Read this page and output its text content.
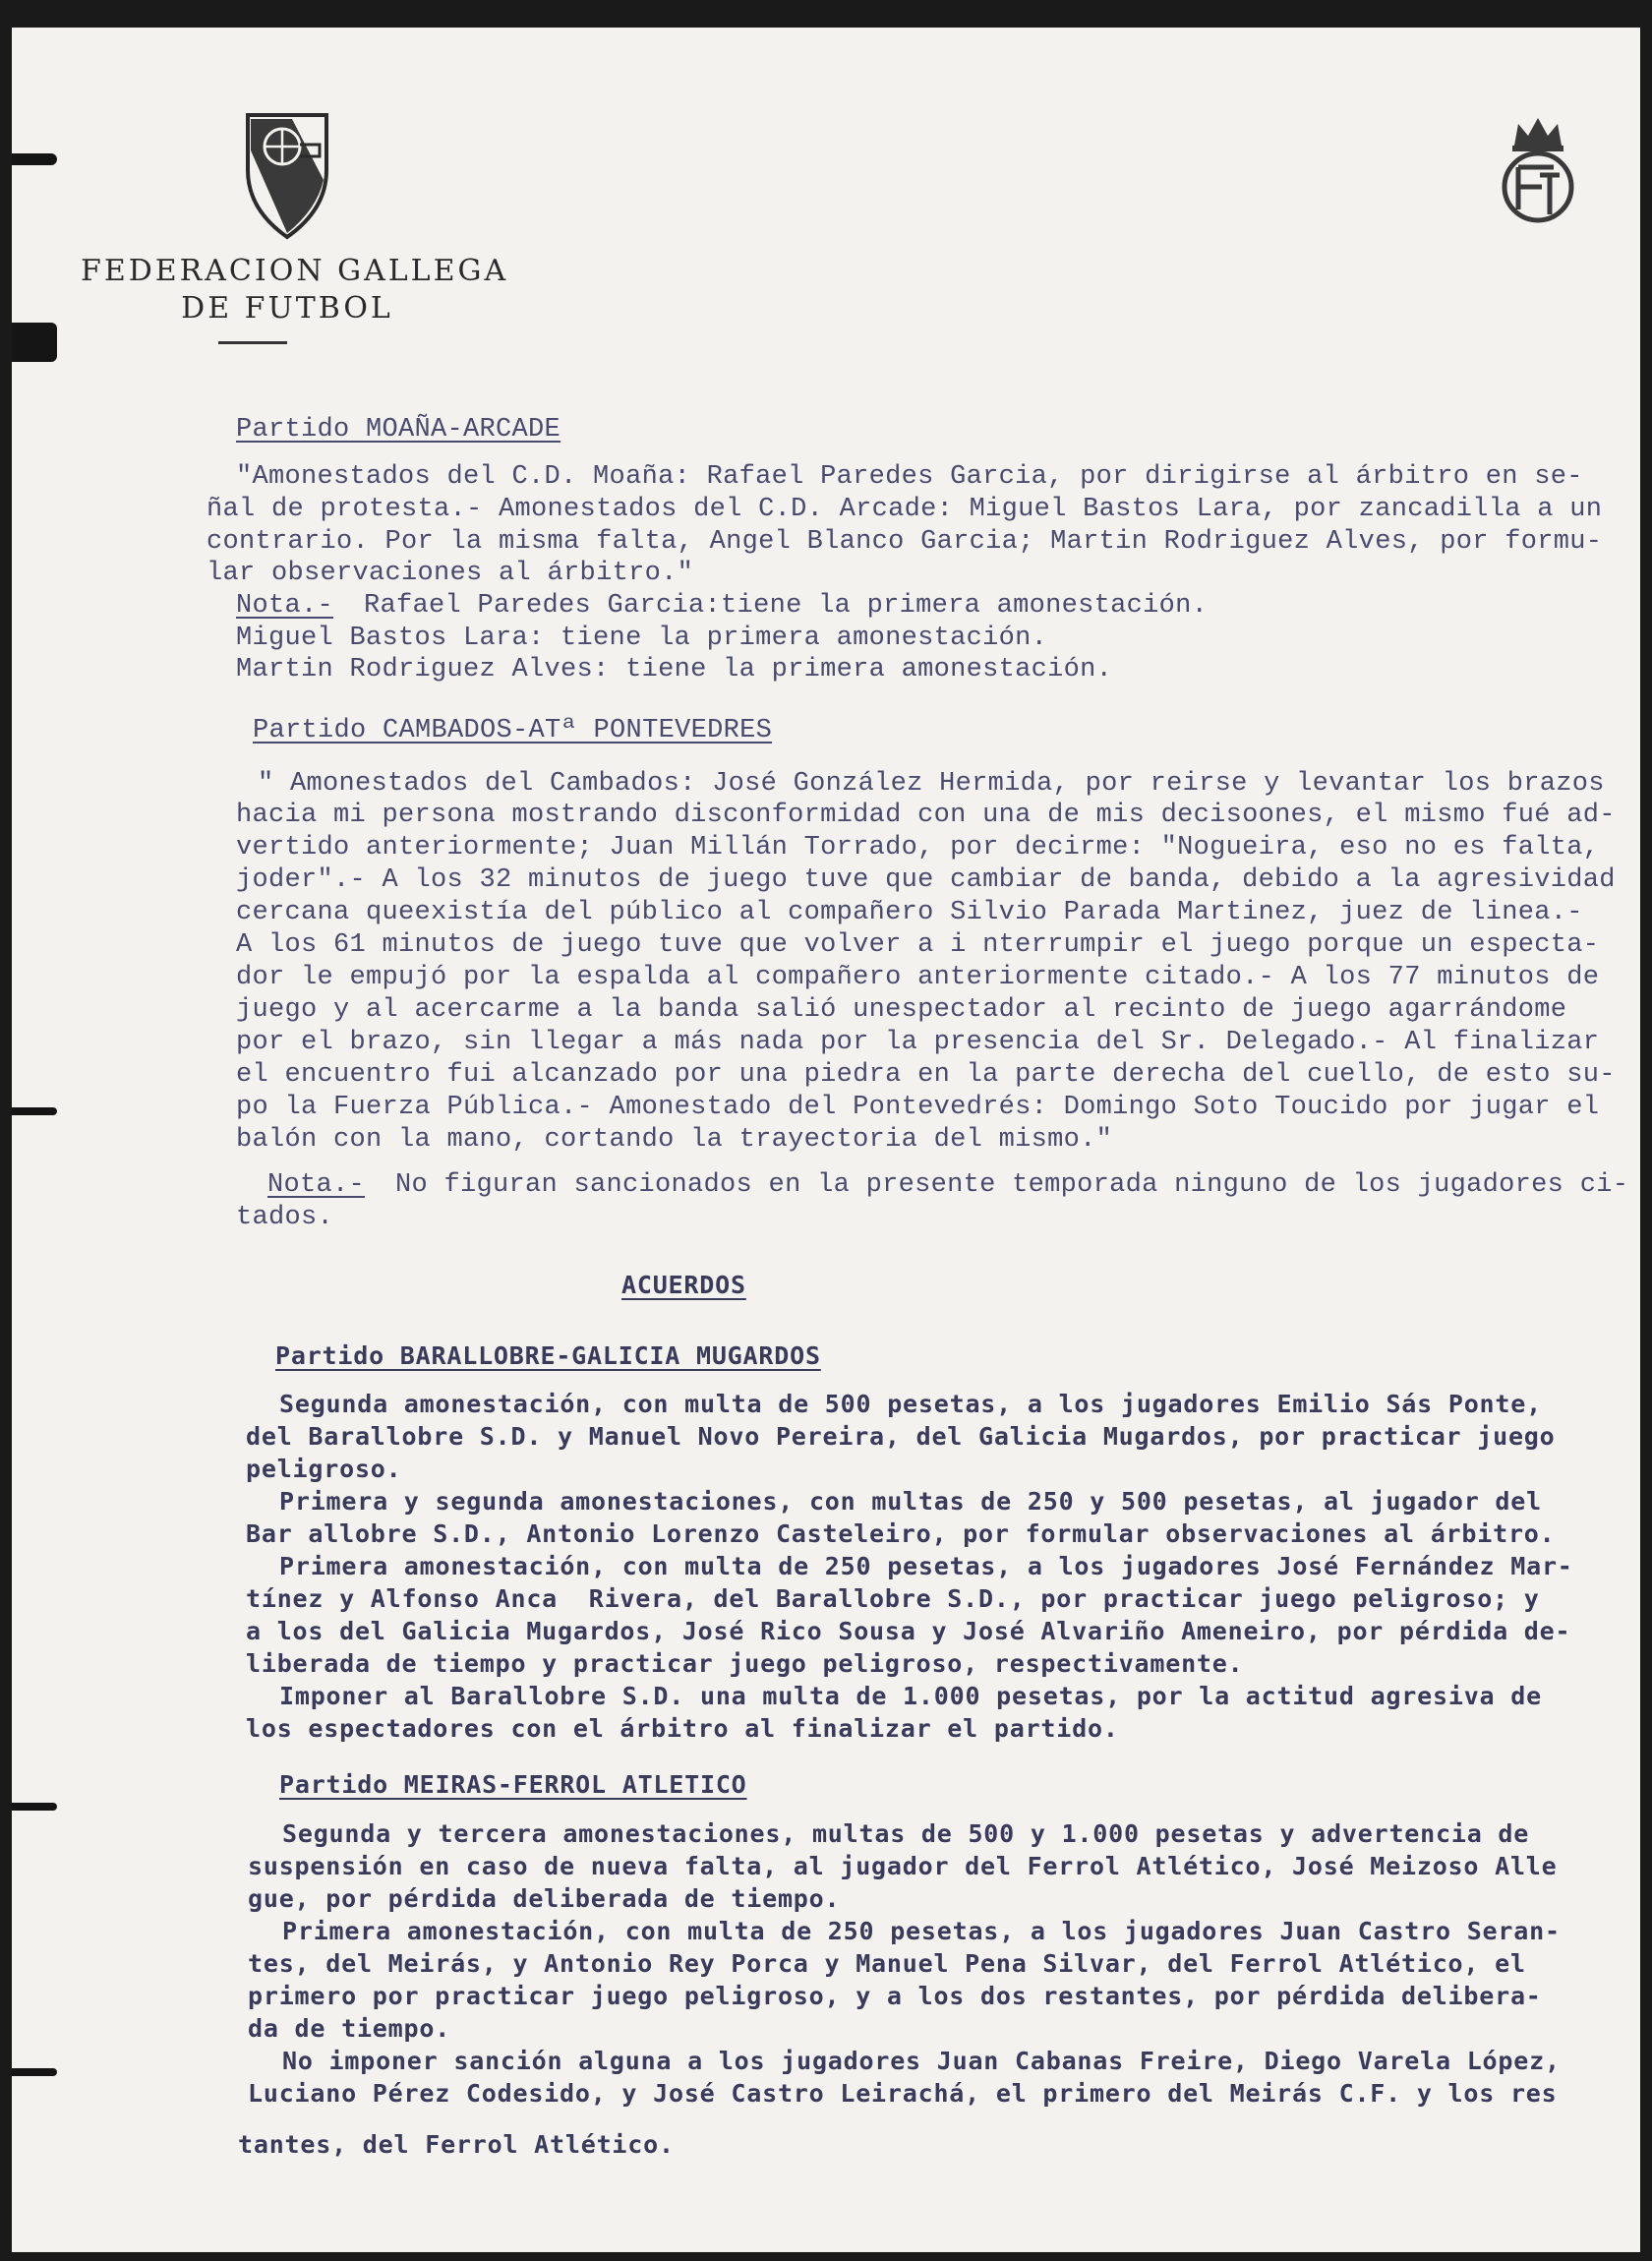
FEDERACION GALLEGA
DE FUTBOL
Partido MOAÑA-ARCADE
"Amonestados del C.D. Moaña: Rafael Paredes Garcia, por dirigirse al árbitro en se-
ñal de protesta.- Amonestados del C.D. Arcade: Miguel Bastos Lara, por zancadilla a un
contrario. Por la misma falta, Angel Blanco Garcia; Martin Rodriguez Alves, por formu-
lar observaciones al árbitro."
Nota.- Rafael Paredes Garcia:tiene la primera amonestación.
Miguel Bastos Lara: tiene la primera amonestación.
Martin Rodriguez Alves: tiene la primera amonestación.
Partido CAMBADOS-ATª PONTEVEDRES
" Amonestados del Cambados: José González Hermida, por reirse y levantar los brazos
hacia mi persona mostrando disconformidad con una de mis decisoones, el mismo fué ad-
vertido anteriormente; Juan Millán Torrado, por decirme: "Nogueira, eso no es falta,
joder".- A los 32 minutos de juego tuve que cambiar de banda, debido a la agresividad
cercana queexistía del público al compañero Silvio Parada Martinez, juez de linea.-
A los 61 minutos de juego tuve que volver a i nterrumpir el juego porque un especta-
dor le empujó por la espalda al compañero anteriormente citado.- A los 77 minutos de
juego y al acercarme a la banda salió unespectador al recinto de juego agarrándome
por el brazo, sin llegar a más nada por la presencia del Sr. Delegado.- Al finalizar
el encuentro fui alcanzado por una piedra en la parte derecha del cuello, de esto su-
po la Fuerza Pública.- Amonestado del Pontevedrés: Domingo Soto Toucido por jugar el
balón con la mano, cortando la trayectoria del mismo."
Nota.- No figuran sancionados en la presente temporada ninguno de los jugadores ci-
tados.
ACUERDOS
Partido BARALLOBRE-GALICIA MUGARDOS
Segunda amonestación, con multa de 500 pesetas, a los jugadores Emilio Sás Ponte,
del Barallobre S.D. y Manuel Novo Pereira, del Galicia Mugardos, por practicar juego
peligroso.
Primera y segunda amonestaciones, con multas de 250 y 500 pesetas, al jugador del
Bar allobre S.D., Antonio Lorenzo Casteleiro, por formular observaciones al árbitro.
Primera amonestación, con multa de 250 pesetas, a los jugadores José Fernández Mar-
tínez y Alfonso Anca  Rivera, del Barallobre S.D., por practicar juego peligroso; y
a los del Galicia Mugardos, José Rico Sousa y José Alvariño Ameneiro, por pérdida de-
liberada de tiempo y practicar juego peligroso, respectivamente.
Imponer al Barallobre S.D. una multa de 1.000 pesetas, por la actitud agresiva de
los espectadores con el árbitro al finalizar el partido.
Partido MEIRAS-FERROL ATLETICO
Segunda y tercera amonestaciones, multas de 500 y 1.000 pesetas y advertencia de
suspensión en caso de nueva falta, al jugador del Ferrol Atlético, José Meizoso Alle
gue, por pérdida deliberada de tiempo.
Primera amonestación, con multa de 250 pesetas, a los jugadores Juan Castro Seran-
tes, del Meirás, y Antonio Rey Porca y Manuel Pena Silvar, del Ferrol Atlético, el
primero por practicar juego peligroso, y a los dos restantes, por pérdida delibera-
da de tiempo.
No imponer sanción alguna a los jugadores Juan Cabanas Freire, Diego Varela López,
Luciano Pérez Codesido, y José Castro Leirachá, el primero del Meirás C.F. y los res
tantes, del Ferrol Atlético.
